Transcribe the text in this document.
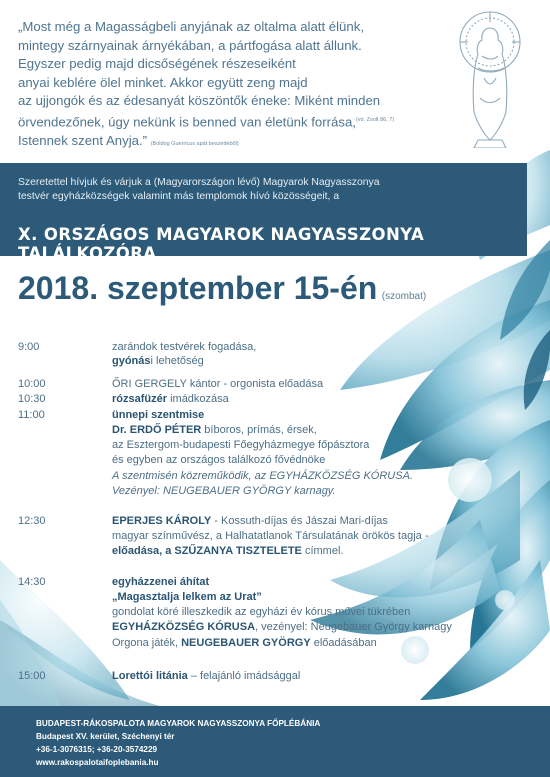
„Most még a Magasságbeli anyjának az oltalma alatt élünk,
mintegy szárnyainak árnyékában, a pártfogása alatt állunk.
Egyszer pedig majd dicsőségének részeseiként
anyai keblére ölel minket. Akkor együtt zeng majd
az ujjongók és az édesanyát köszöntők éneke: Miként minden
örvendezőnek, úgy nekünk is benned van életünk forrása,$^{(vö. Zsolt 86, 7)}$
Istennek szent Anyja.” (Boldog Guerricus apát beszédéből)
Szeretettel hívjuk és várjuk a (Magyarországon lévő) Magyarok Nagyasszonya
testvér egyházközségek valamint más templomok hívó közösségeit, a
X. ORSZÁGOS MAGYAROK NAGYASSZONYA TALÁLKOZÓRA
2018. szeptember 15-én (szombat)
9:00	zarándok testvérek fogadása,
gyónási lehetőség
10:00	ŐRI GERGELY kántor - orgonista előadása
10:30	rózsafüzér imádkozása
11:00	ünnepi szentmise
Dr. ERDŐ PÉTER bíboros, prímás, érsek,
az Esztergom-budapesti Főegyházmegye főpásztora
és egyben az országos találkozó fővédnöke
A szentmisén közreműködik, az EGYHÁZKÖZSÉG KÓRUSA.
Vezényel: NEUGEBAUER GYÖRGY karnagy.
12:30	EPERJES KÁROLY - Kossuth-díjas és Jászai Mari-díjas
magyar színművész, a Halhatatlanok Társulatának örökös tagja -
előadása, a SZŰZANYA TISZTELETE címmel.
14:30	egyházzenei áhítat
„Magasztalja lelkem az Urat”
gondolat köré illeszkedik az egyházi év kórus művei tükrében
EGYHÁZKÖZSÉG KÓRUSA, vezényel: Neugebauer György karnagy
Orgona játék, NEUGEBAUER GYÖRGY előadásában
15:00	Lorettói litánia – felajánló imádsággal
BUDAPEST-RÁKOSPALOTA MAGYAROK NAGYASSZONYA FŐPLÉBÁNIA
Budapest XV. kerület, Széchenyi tér
+36-1-3076315; +36-20-3574229
www.rakospalotaifoplebania.hu
